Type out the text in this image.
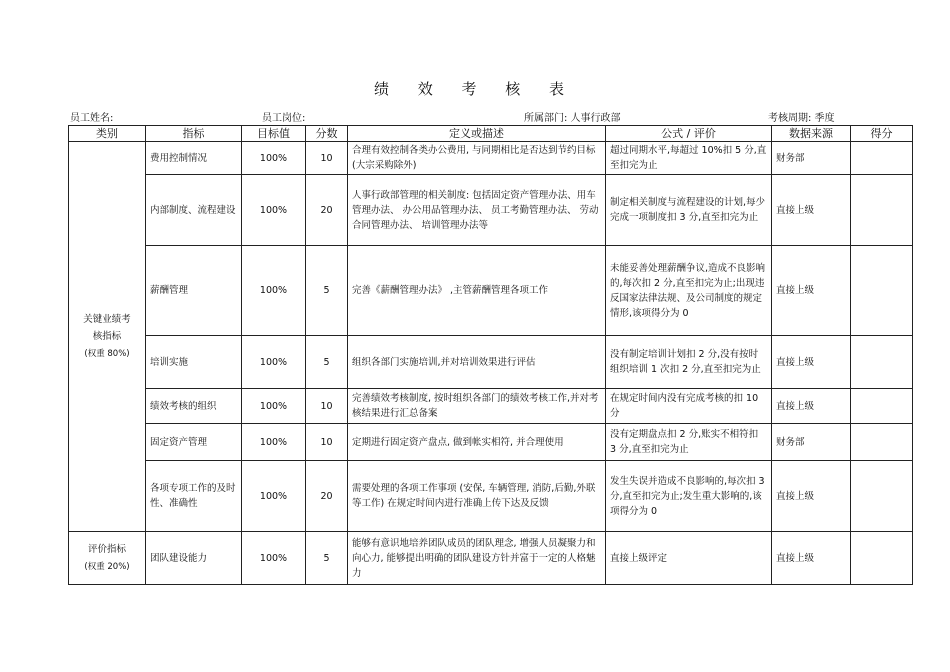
绩 效 考 核 表
员工姓名:	员工岗位:	所属部门: 人事行政部	考核周期: 季度
类别	指标	目标值	分数	定义或描述	公式 / 评价	数据来源	得分
关键业绩考
核指标
(权重 80%)	费用控制情况	100%	10	合理有效控制各类办公费用, 与同期相比是否达到节约目标(大宗采购除外)	超过同期水平,每超过 10%扣 5 分,直至扣完为止	财务部	
	内部制度、流程建设	100%	20	人事行政部管理的相关制度: 包括固定资产管理办法、用车管理办法、 办公用品管理办法、 员工考勤管理办法、 劳动合同管理办法、 培训管理办法等	制定相关制度与流程建设的计划,每少完成一项制度扣 3 分,直至扣完为止	直接上级	
	薪酬管理	100%	5	完善《薪酬管理办法》 ,主管薪酬管理各项工作	未能妥善处理薪酬争议,造成不良影响的,每次扣 2 分,直至扣完为止;出现违反国家法律法规、及公司制度的规定情形,该项得分为 0	直接上级	
	培训实施	100%	5	组织各部门实施培训,并对培训效果进行评估	没有制定培训计划扣 2 分,没有按时组织培训 1 次扣 2 分,直至扣完为止	直接上级	
	绩效考核的组织	100%	10	完善绩效考核制度, 按时组织各部门的绩效考核工作,并对考核结果进行汇总备案	在规定时间内没有完成考核的扣 10 分	直接上级	
	固定资产管理	100%	10	定期进行固定资产盘点, 做到帐实相符, 并合理使用	没有定期盘点扣 2 分,账实不相符扣 3 分,直至扣完为止	财务部	
	各项专项工作的及时性、准确性	100%	20	需要处理的各项工作事项 (安保, 车辆管理, 消防,后勤,外联等工作) 在规定时间内进行准确上传下达及反馈	发生失误并造成不良影响的,每次扣 3 分,直至扣完为止;发生重大影响的,该项得分为 0	直接上级	
评价指标
(权重 20%)	团队建设能力	100%	5	能够有意识地培养团队成员的团队理念, 增强人员凝聚力和向心力, 能够提出明确的团队建设方针并富于一定的人格魅力	直接上级评定	直接上级	
